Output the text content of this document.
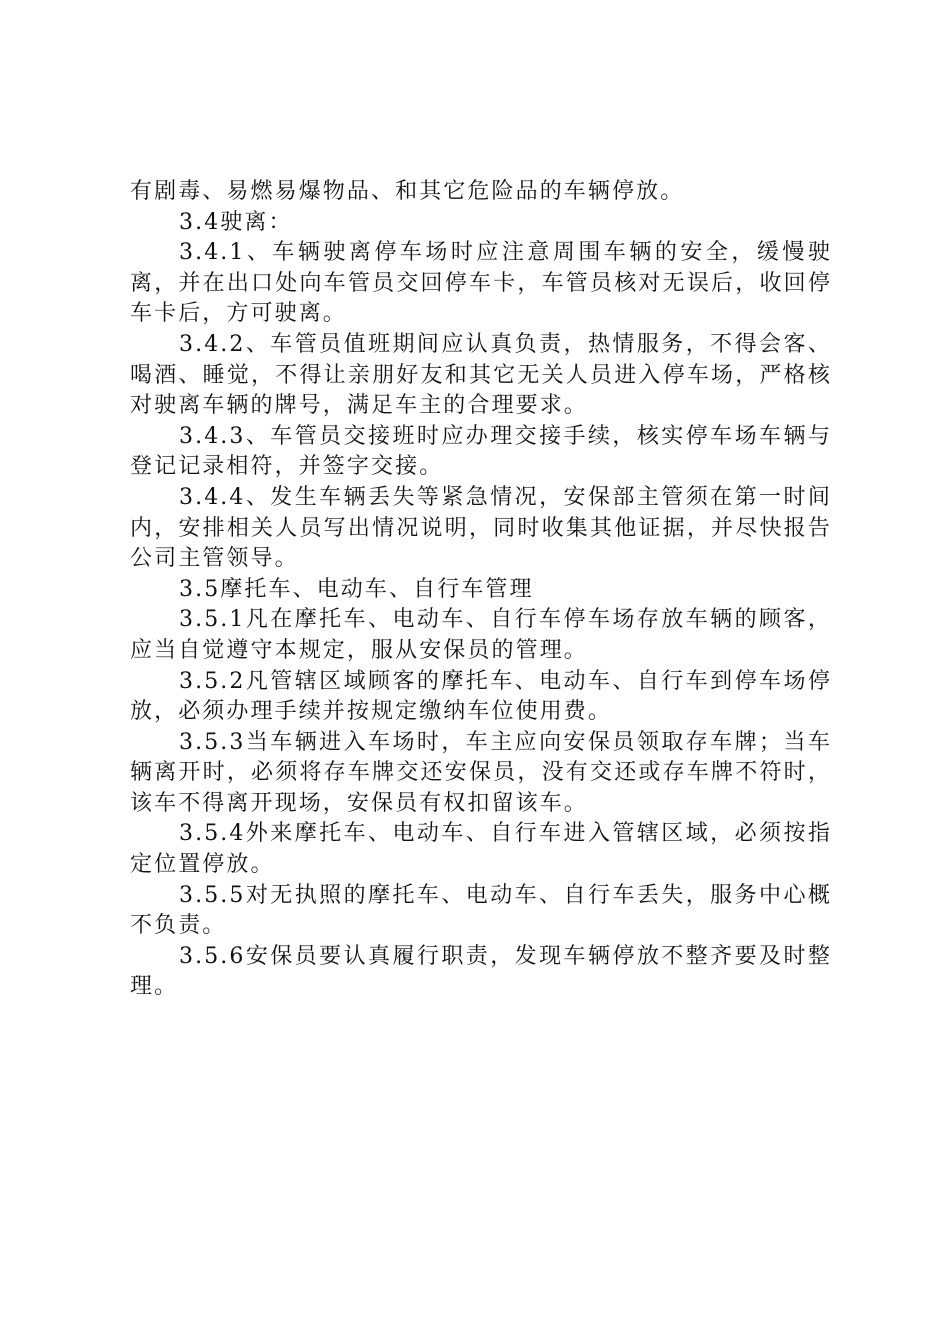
有剧毒、易燃易爆物品、和其它危险品的车辆停放。

3.4驶离：

3.4.1、车辆驶离停车场时应注意周围车辆的安全，缓慢驶离，并在出口处向车管员交回停车卡，车管员核对无误后，收回停车卡后，方可驶离。

3.4.2、车管员值班期间应认真负责，热情服务，不得会客、喝酒、睡觉，不得让亲朋好友和其它无关人员进入停车场，严格核对驶离车辆的牌号，满足车主的合理要求。

3.4.3、车管员交接班时应办理交接手续，核实停车场车辆与登记记录相符，并签字交接。

3.4.4、发生车辆丢失等紧急情况，安保部主管须在第一时间内，安排相关人员写出情况说明，同时收集其他证据，并尽快报告公司主管领导。

3.5摩托车、电动车、自行车管理

3.5.1凡在摩托车、电动车、自行车停车场存放车辆的顾客，应当自觉遵守本规定，服从安保员的管理。

3.5.2凡管辖区域顾客的摩托车、电动车、自行车到停车场停放，必须办理手续并按规定缴纳车位使用费。

3.5.3当车辆进入车场时，车主应向安保员领取存车牌；当车辆离开时，必须将存车牌交还安保员，没有交还或存车牌不符时，该车不得离开现场，安保员有权扣留该车。

3.5.4外来摩托车、电动车、自行车进入管辖区域，必须按指定位置停放。

3.5.5对无执照的摩托车、电动车、自行车丢失，服务中心概不负责。

3.5.6安保员要认真履行职责，发现车辆停放不整齐要及时整理。
